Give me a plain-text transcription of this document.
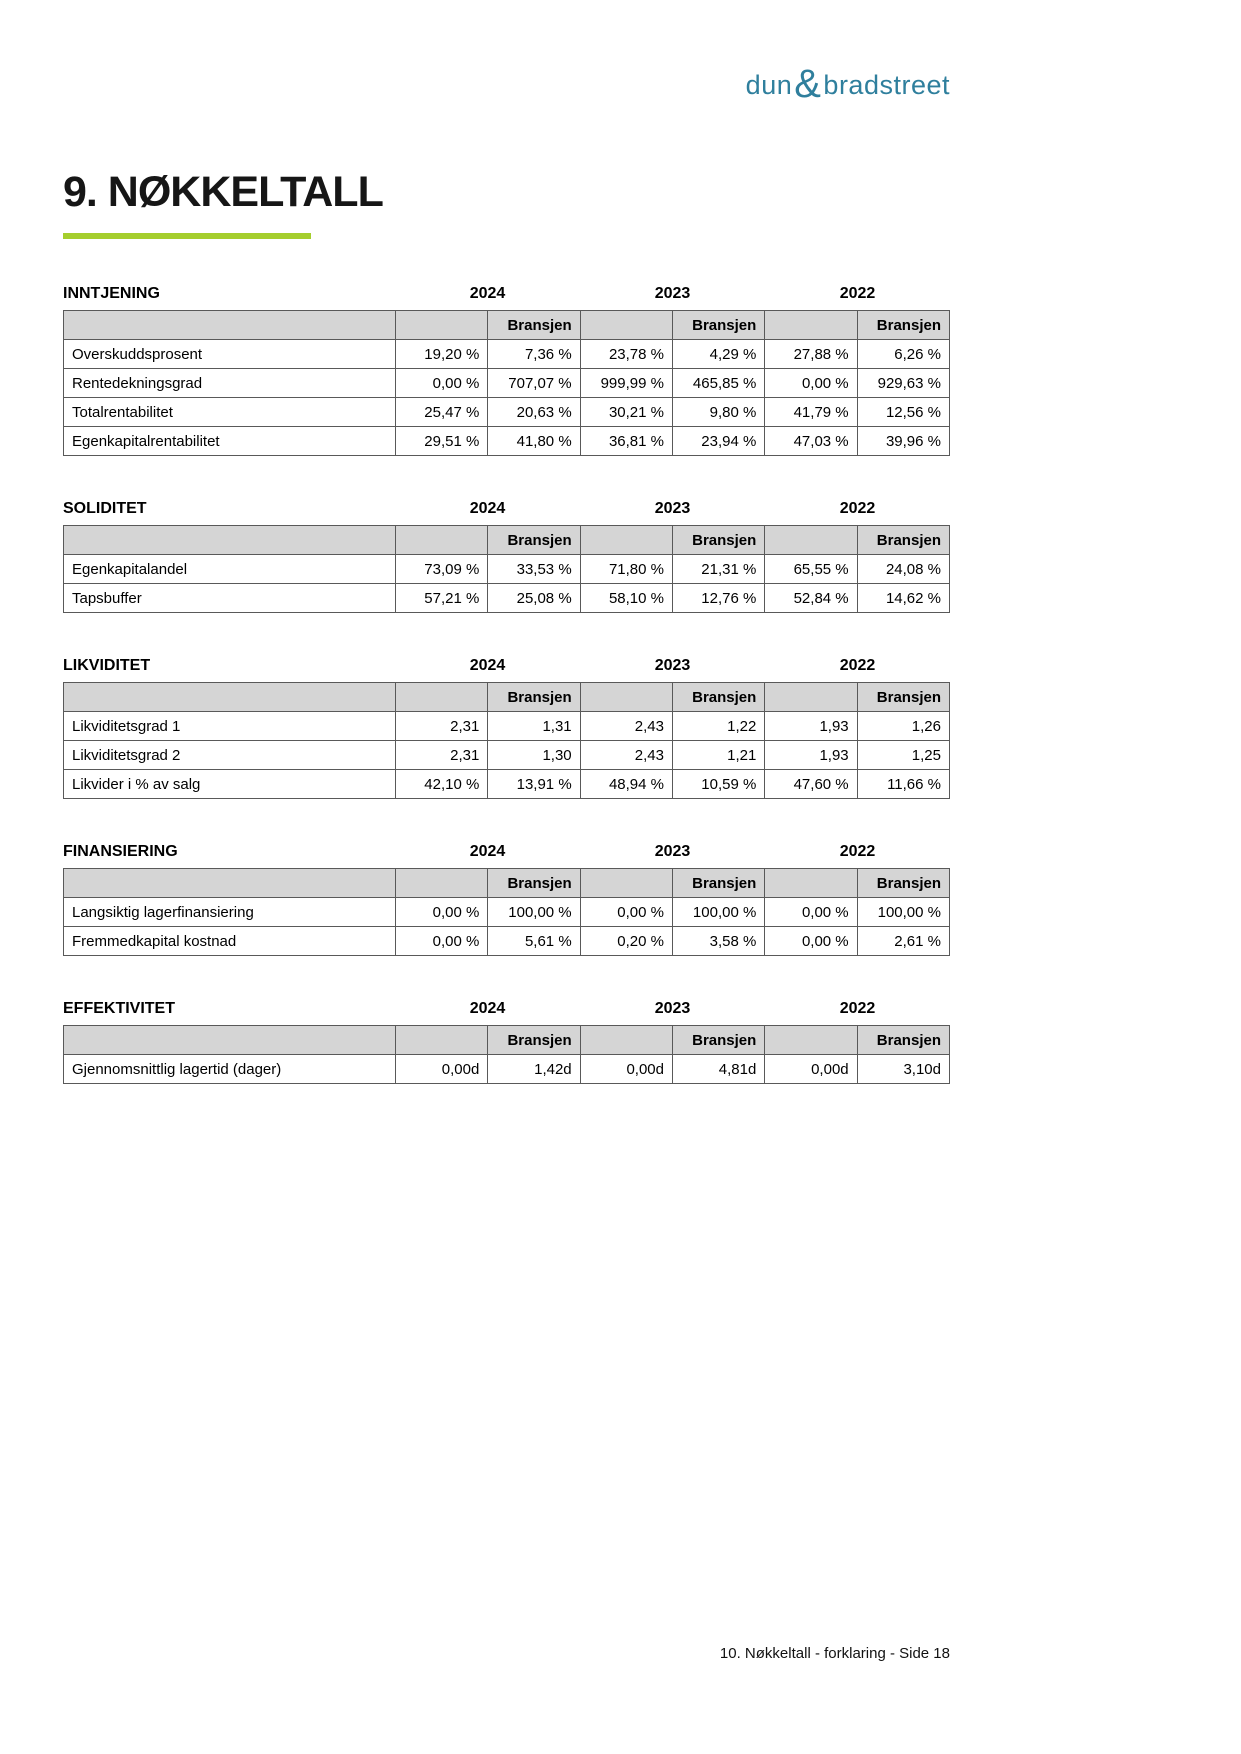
dun & bradstreet
9. NØKKELTALL
INNTJENING	2024	2023	2022
		Bransjen		Bransjen		Bransjen
Overskuddsprosent	19,20 %	7,36 %	23,78 %	4,29 %	27,88 %	6,26 %
Rentedekningsgrad	0,00 %	707,07 %	999,99 %	465,85 %	0,00 %	929,63 %
Totalrentabilitet	25,47 %	20,63 %	30,21 %	9,80 %	41,79 %	12,56 %
Egenkapitalrentabilitet	29,51 %	41,80 %	36,81 %	23,94 %	47,03 %	39,96 %
SOLIDITET	2024	2023	2022
		Bransjen		Bransjen		Bransjen
Egenkapitalandel	73,09 %	33,53 %	71,80 %	21,31 %	65,55 %	24,08 %
Tapsbuffer	57,21 %	25,08 %	58,10 %	12,76 %	52,84 %	14,62 %
LIKVIDITET	2024	2023	2022
		Bransjen		Bransjen		Bransjen
Likviditetsgrad 1	2,31	1,31	2,43	1,22	1,93	1,26
Likviditetsgrad 2	2,31	1,30	2,43	1,21	1,93	1,25
Likvider i % av salg	42,10 %	13,91 %	48,94 %	10,59 %	47,60 %	11,66 %
FINANSIERING	2024	2023	2022
		Bransjen		Bransjen		Bransjen
Langsiktig lagerfinansiering	0,00 %	100,00 %	0,00 %	100,00 %	0,00 %	100,00 %
Fremmedkapital kostnad	0,00 %	5,61 %	0,20 %	3,58 %	0,00 %	2,61 %
EFFEKTIVITET	2024	2023	2022
		Bransjen		Bransjen		Bransjen
Gjennomsnittlig lagertid (dager)	0,00d	1,42d	0,00d	4,81d	0,00d	3,10d
10. Nøkkeltall - forklaring - Side 18
